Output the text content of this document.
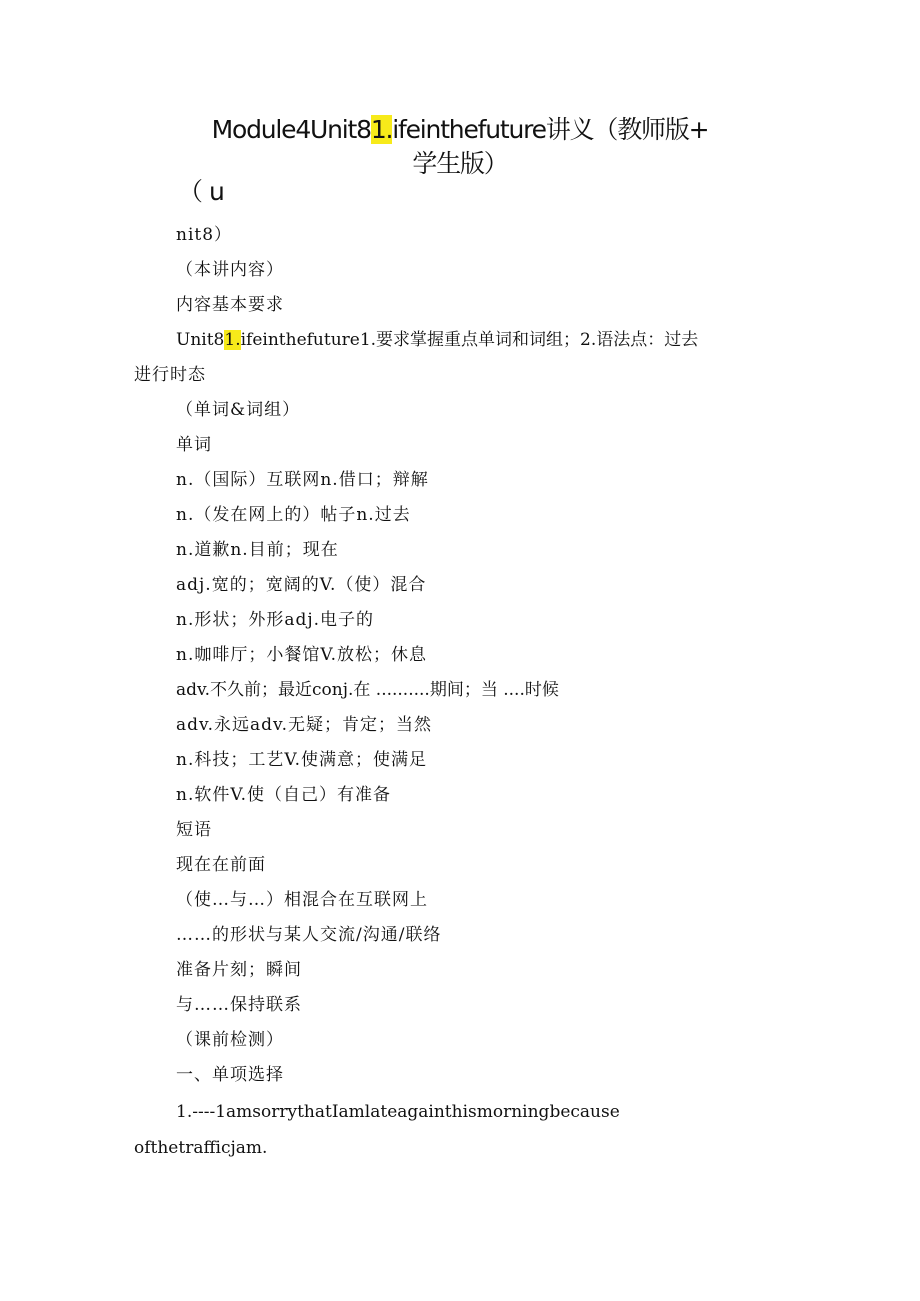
Module4Unit81.ifeinthefuture讲义（教师版+
学生版）
（u
nit8）
（本讲内容）
内容基本要求
Unit81.ifeinthefuture1.要求掌握重点单词和词组；2.语法点：过去
进行时态
（单词&词组）
单词
n.（国际）互联网n.借口；辩解
n.（发在网上的）帖子n.过去
n.道歉n.目前；现在
adj.宽的；宽阔的V.（使）混合
n.形状；外形adj.电子的
n.咖啡厅；小餐馆V.放松；休息
adv.不久前；最近conj.在 ..........期间；当 ....时候
adv.永远adv.无疑；肯定；当然
n.科技；工艺V.使满意；使满足
n.软件V.使（自己）有准备
短语
现在在前面
（使…与…）相混合在互联网上
……的形状与某人交流/沟通/联络
准备片刻；瞬间
与……保持联系
（课前检测）
一、单项选择
1.----1amsorrythatIamlateagainthismorningbecause
ofthetrafficjam.
